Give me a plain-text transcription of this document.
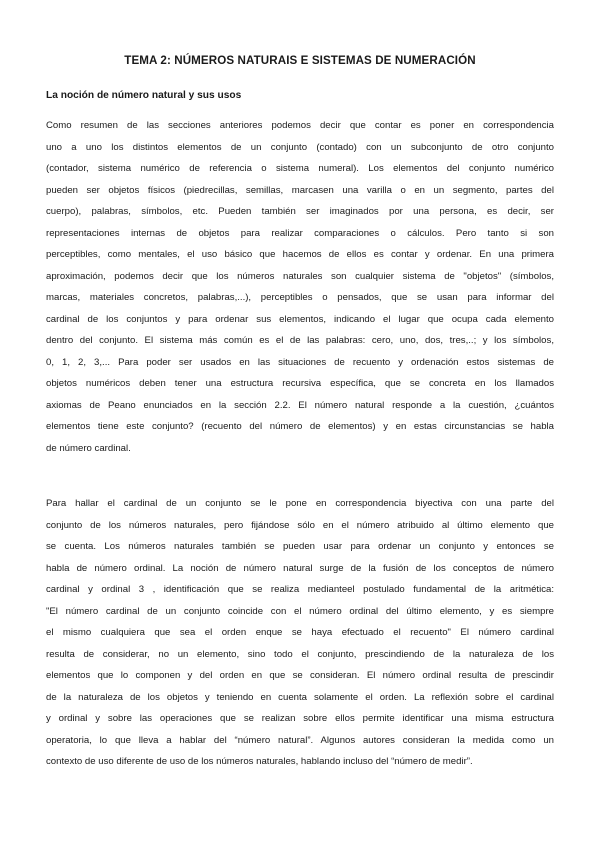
TEMA 2: NÚMEROS NATURAIS E SISTEMAS DE NUMERACIÓN
La noción de número natural y sus usos
Como resumen de las secciones anteriores podemos decir que contar es poner en correspondencia
uno a uno los distintos elementos de un conjunto (contado) con un subconjunto de otro conjunto
(contador, sistema numérico de referencia o sistema numeral). Los elementos del conjunto numérico
pueden ser objetos físicos (piedrecillas, semillas, marcasen una varilla o en un segmento, partes del
cuerpo), palabras, símbolos, etc. Pueden también ser imaginados por una persona, es decir, ser
representaciones internas de objetos para realizar comparaciones o cálculos. Pero tanto si son
perceptibles, como mentales, el uso básico que hacemos de ellos es contar y ordenar. En una primera
aproximación, podemos decir que los números naturales son cualquier sistema de "objetos" (símbolos,
marcas, materiales concretos, palabras,...), perceptibles o pensados, que se usan para informar del
cardinal de los conjuntos y para ordenar sus elementos, indicando el lugar que ocupa cada elemento
dentro del conjunto. El sistema más común es el de las palabras: cero, uno, dos, tres,..; y los símbolos,
0, 1, 2, 3,... Para poder ser usados en las situaciones de recuento y ordenación estos sistemas de
objetos numéricos deben tener una estructura recursiva específica, que se concreta en los llamados
axiomas de Peano enunciados en la sección 2.2. El número natural responde a la cuestión, ¿cuántos
elementos tiene este conjunto? (recuento del número de elementos) y en estas circunstancias se habla
de número cardinal.
Para hallar el cardinal de un conjunto se le pone en correspondencia biyectiva con una parte del
conjunto de los números naturales, pero fijándose sólo en el número atribuido al último elemento que
se cuenta. Los números naturales también se pueden usar para ordenar un conjunto y entonces se
habla de número ordinal. La noción de número natural surge de la fusión de los conceptos de número
cardinal y ordinal 3 , identificación que se realiza medianteel postulado fundamental de la aritmética:
"El número cardinal de un conjunto coincide con el número ordinal del último elemento, y es siempre
el mismo cualquiera que sea el orden enque se haya efectuado el recuento" El número cardinal
resulta de considerar, no un elemento, sino todo el conjunto, prescindiendo de la naturaleza de los
elementos que lo componen y del orden en que se consideran. El número ordinal resulta de prescindir
de la naturaleza de los objetos y teniendo en cuenta solamente el orden. La reflexión sobre el cardinal
y ordinal y sobre las operaciones que se realizan sobre ellos permite identificar una misma estructura
operatoria, lo que lleva a hablar del “número natural”. Algunos autores consideran la medida como un
contexto de uso diferente de uso de los números naturales, hablando incluso del “número de medir”.
